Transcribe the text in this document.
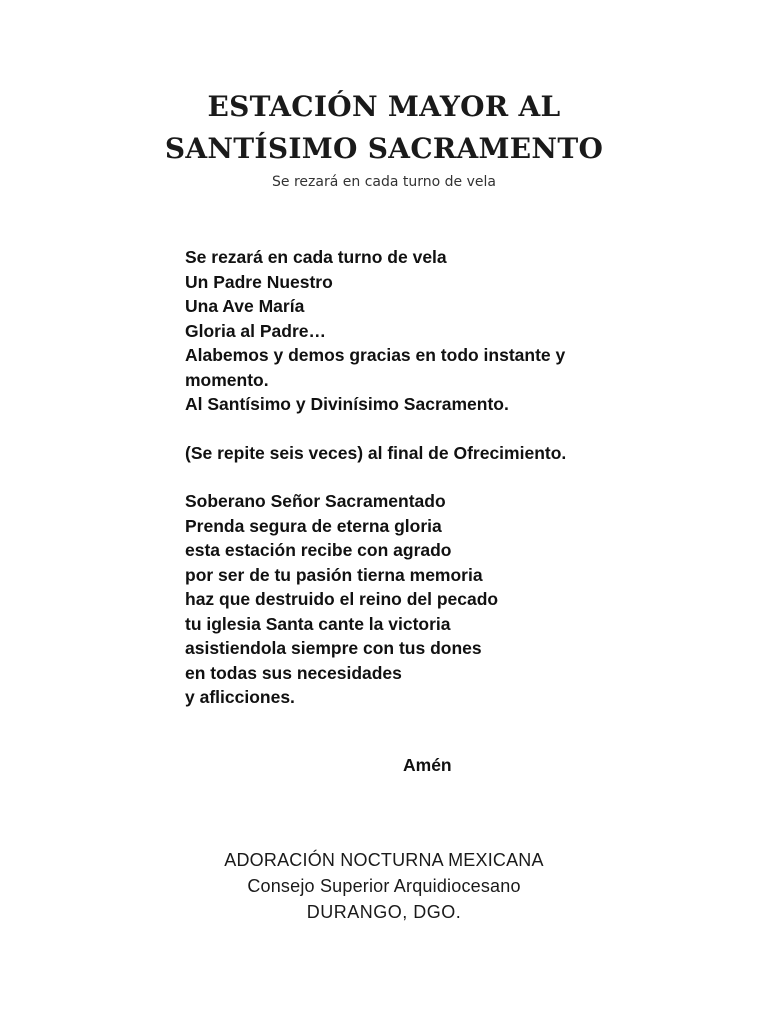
ESTACIÓN MAYOR AL
SANTÍSIMO SACRAMENTO
Se rezará en cada turno de vela
Se rezará en cada turno de vela
Un Padre Nuestro
Una Ave María
Gloria al Padre…
Alabemos y demos gracias en todo instante y
momento.
Al Santísimo y Divinísimo Sacramento.
(Se repite seis veces) al final de Ofrecimiento.
Soberano Señor Sacramentado
Prenda segura de eterna gloria
esta estación recibe con agrado
por ser de tu pasión tierna memoria
haz que destruido el reino del pecado
tu iglesia Santa cante la victoria
asistiendola siempre con tus dones
en todas sus necesidades
y aflicciones.
Amén
ADORACIÓN NOCTURNA MEXICANA
Consejo Superior Arquidiocesano
DURANGO, DGO.
